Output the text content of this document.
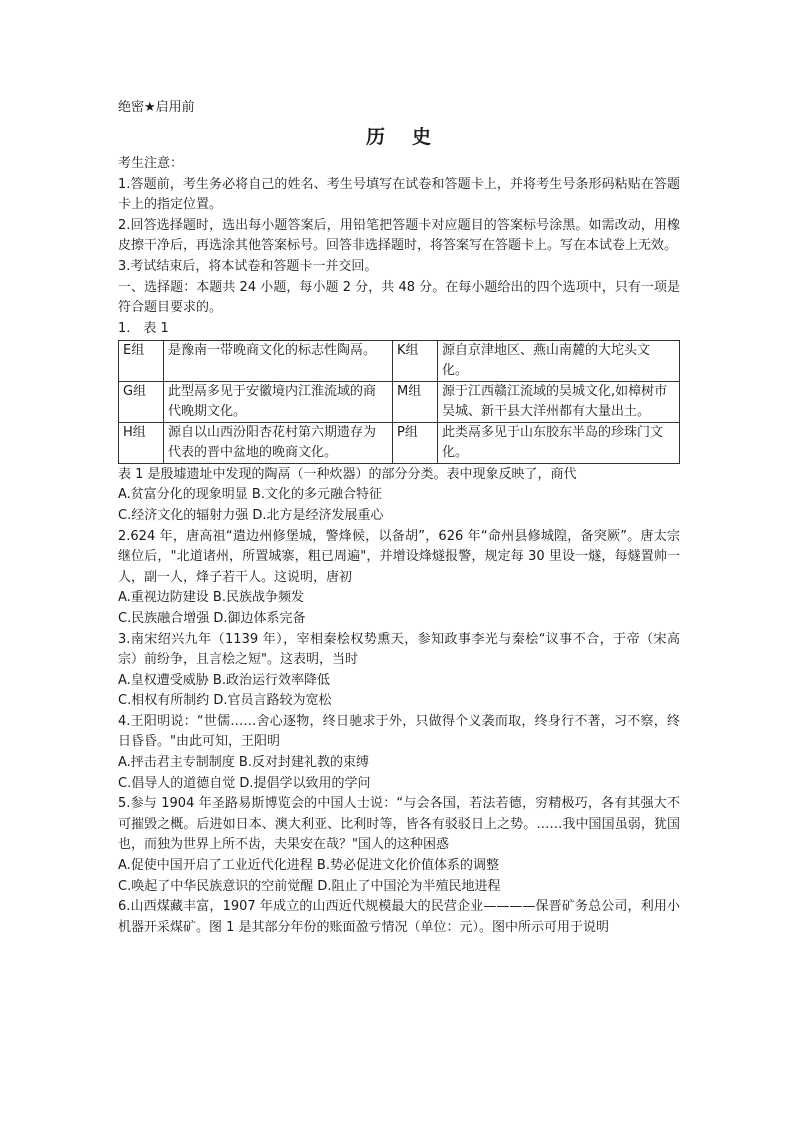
绝密★启用前
历 史

考生注意：

1.答题前，考生务必将自己的姓名、考生号填写在试卷和答题卡上，并将考生号条形码粘贴在答题卡上的指定位置。

2.回答选择题时，选出每小题答案后，用铅笔把答题卡对应题目的答案标号涂黑。如需改动，用橡皮擦干净后，再选涂其他答案标号。回答非选择题时，将答案写在答题卡上。写在本试卷上无效。

3.考试结束后，将本试卷和答题卡一并交回。

一、选择题：本题共 24 小题，每小题 2 分，共 48 分。在每小题给出的四个选项中，只有一项是符合题目要求的。

1.　表 1
E组	是豫南一带晚商文化的标志性陶鬲。	K组	源自京津地区、燕山南麓的大坨头文化。
G组	此型鬲多见于安徽境内江淮流域的商代晚期文化。	M组	源于江西赣江流域的吴城文化,如樟树市吴城、新干县大洋州都有大量出土。
H组	源自以山西汾阳杏花村第六期遗存为代表的晋中盆地的晚商文化。	P组	此类鬲多见于山东胶东半岛的珍珠门文化。

表 1 是殷墟遗址中发现的陶鬲（一种炊器）的部分分类。表中现象反映了，商代

A.贫富分化的现象明显 B.文化的多元融合特征

C.经济文化的辐射力强 D.北方是经济发展重心

2.624 年，唐高祖“遣边州修堡城，警烽候，以备胡”，626 年“命州县修城隍，备突厥”。唐太宗继位后，"北道诸州，所置城寨，粗已周遍"，并增设烽燧报警，规定每 30 里设一燧，每燧置帅一人，副一人，烽子若干人。这说明，唐初

A.重视边防建设 B.民族战争频发

C.民族融合增强 D.御边体系完备

3.南宋绍兴九年（1139 年），宰相秦桧权势熏天，参知政事李光与秦桧“议事不合，于帝（宋高宗）前纷争，且言桧之短"。这表明，当时

A.皇权遭受威胁 B.政治运行效率降低

C.相权有所制约 D.官员言路较为宽松

4.王阳明说：“世儒……舍心逐物，终日驰求于外，只做得个义袭而取，终身行不著，习不察，终日昏昏。"由此可知，王阳明

A.抨击君主专制制度 B.反对封建礼教的束缚

C.倡导人的道德自觉 D.提倡学以致用的学问

5.参与 1904 年圣路易斯博览会的中国人士说：“与会各国，若法若德，穷精极巧，各有其强大不可摧毁之概。后进如日本、澳大利亚、比利时等，皆各有驳驳日上之势。……我中国国虽弱，犹国也，而独为世界上所不齿，夫果安在哉？"国人的这种困惑

A.促使中国开启了工业近代化进程 B.势必促进文化价值体系的调整

C.唤起了中华民族意识的空前觉醒 D.阻止了中国沦为半殖民地进程

6.山西煤藏丰富，1907 年成立的山西近代规模最大的民营企业————保晋矿务总公司，利用小机器开采煤矿。图 1 是其部分年份的账面盈亏情况（单位：元）。图中所示可用于说明
